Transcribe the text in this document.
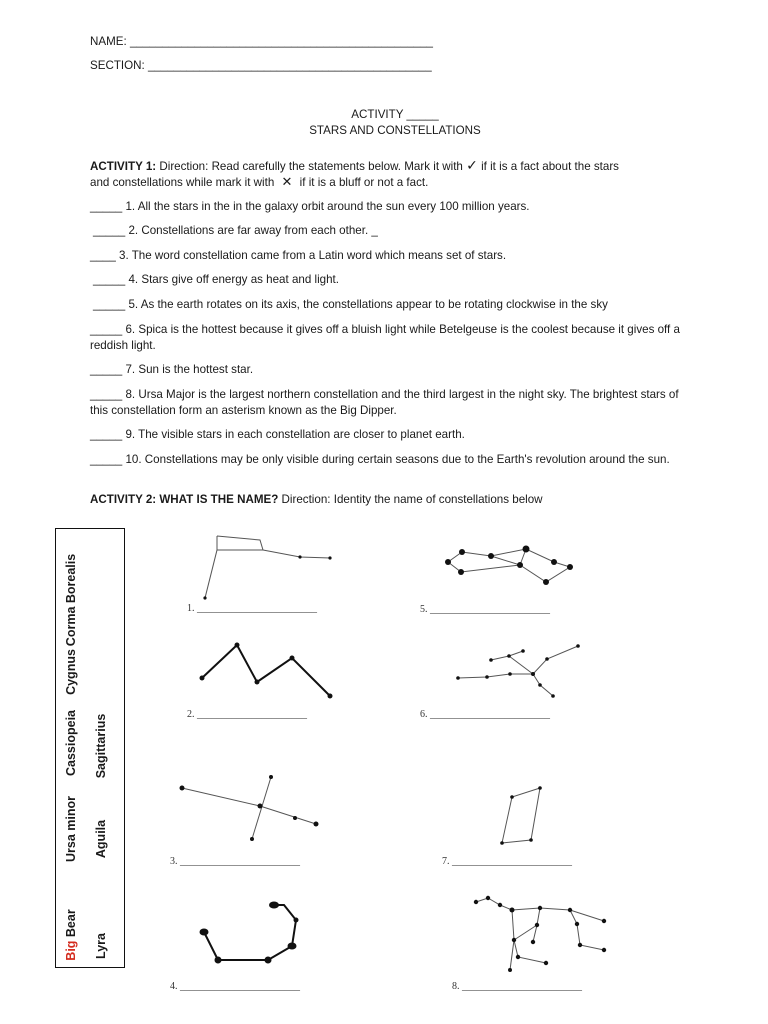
NAME: _______________________________________________
SECTION: ____________________________________________
ACTIVITY _____
STARS AND CONSTELLATIONS
ACTIVITY 1: Direction: Read carefully the statements below. Mark it with ✓ if it is a fact about the stars
and constellations while mark it with ✕ if it is a bluff or not a fact.
_____ 1. All the stars in the in the galaxy orbit around the sun every 100 million years.
_____ 2. Constellations are far away from each other. _
____ 3. The word constellation came from a Latin word which means set of stars.
_____ 4. Stars give off energy as heat and light.
_____ 5. As the earth rotates on its axis, the constellations appear to be rotating clockwise in the sky
_____ 6. Spica is the hottest because it gives off a bluish light while Betelgeuse is the coolest because it gives off a reddish light.
_____ 7. Sun is the hottest star.
_____ 8. Ursa Major is the largest northern constellation and the third largest in the night sky. The brightest stars of this constellation form an asterism known as the Big Dipper.
_____ 9. The visible stars in each constellation are closer to planet earth.
_____ 10. Constellations may be only visible during certain seasons due to the Earth's revolution around the sun.
ACTIVITY 2: WHAT IS THE NAME? Direction: Identity the name of constellations below
Big Bear
Ursa minor
Cassiopeia
Cygnus
Corma Borealis
Lyra
Aguila
Sagittarius
1. ________________________
2. ______________________
3. ________________________
4. ________________________
5. ________________________
6. ________________________
7. ________________________
8. ________________________
